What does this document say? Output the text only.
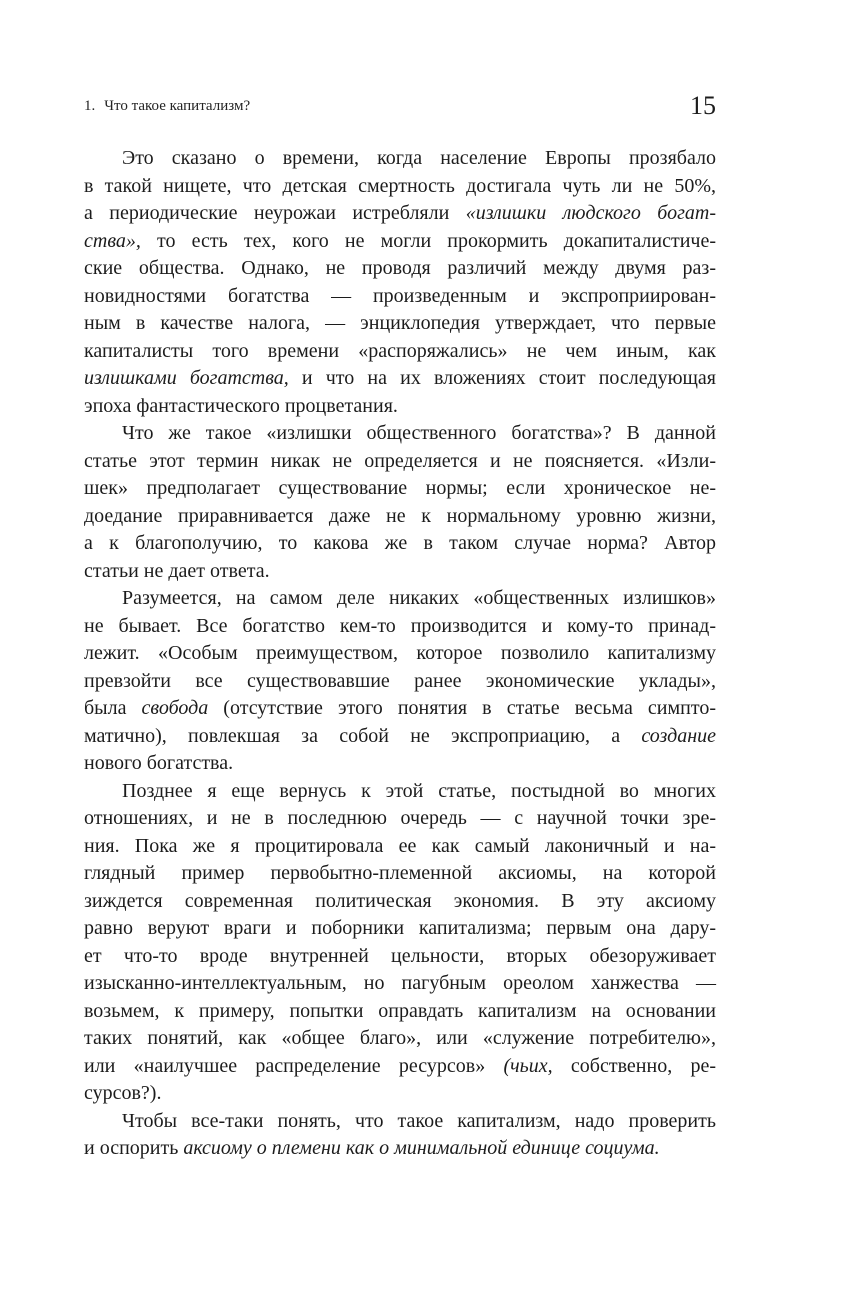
1. Что такое капитализм?	15
Это сказано о времени, когда население Европы прозябало
в такой нищете, что детская смертность достигала чуть ли не 50%,
а периодические неурожаи истребляли «излишки людского богат-
ства», то есть тех, кого не могли прокормить докапиталистиче-
ские общества. Однако, не проводя различий между двумя раз-
новидностями богатства — произведенным и экспроприирован-
ным в качестве налога, — энциклопедия утверждает, что первые
капиталисты того времени «распоряжались» не чем иным, как
излишками богатства, и что на их вложениях стоит последующая
эпоха фантастического процветания.
Что же такое «излишки общественного богатства»? В данной
статье этот термин никак не определяется и не поясняется. «Изли-
шек» предполагает существование нормы; если хроническое не-
доедание приравнивается даже не к нормальному уровню жизни,
а к благополучию, то какова же в таком случае норма? Автор
статьи не дает ответа.
Разумеется, на самом деле никаких «общественных излишков»
не бывает. Все богатство кем-то производится и кому-то принад-
лежит. «Особым преимуществом, которое позволило капитализму
превзойти все существовавшие ранее экономические уклады»,
была свобода (отсутствие этого понятия в статье весьма симпто-
матично), повлекшая за собой не экспроприацию, а создание
нового богатства.
Позднее я еще вернусь к этой статье, постыдной во многих
отношениях, и не в последнюю очередь — с научной точки зре-
ния. Пока же я процитировала ее как самый лаконичный и на-
глядный пример первобытно-племенной аксиомы, на которой
зиждется современная политическая экономия. В эту аксиому
равно веруют враги и поборники капитализма; первым она дару-
ет что-то вроде внутренней цельности, вторых обезоруживает
изысканно-интеллектуальным, но пагубным ореолом ханжества —
возьмем, к примеру, попытки оправдать капитализм на основании
таких понятий, как «общее благо», или «служение потребителю»,
или «наилучшее распределение ресурсов» (чьих, собственно, ре-
сурсов?).
Чтобы все-таки понять, что такое капитализм, надо проверить
и оспорить аксиому о племени как о минимальной единице социума.
